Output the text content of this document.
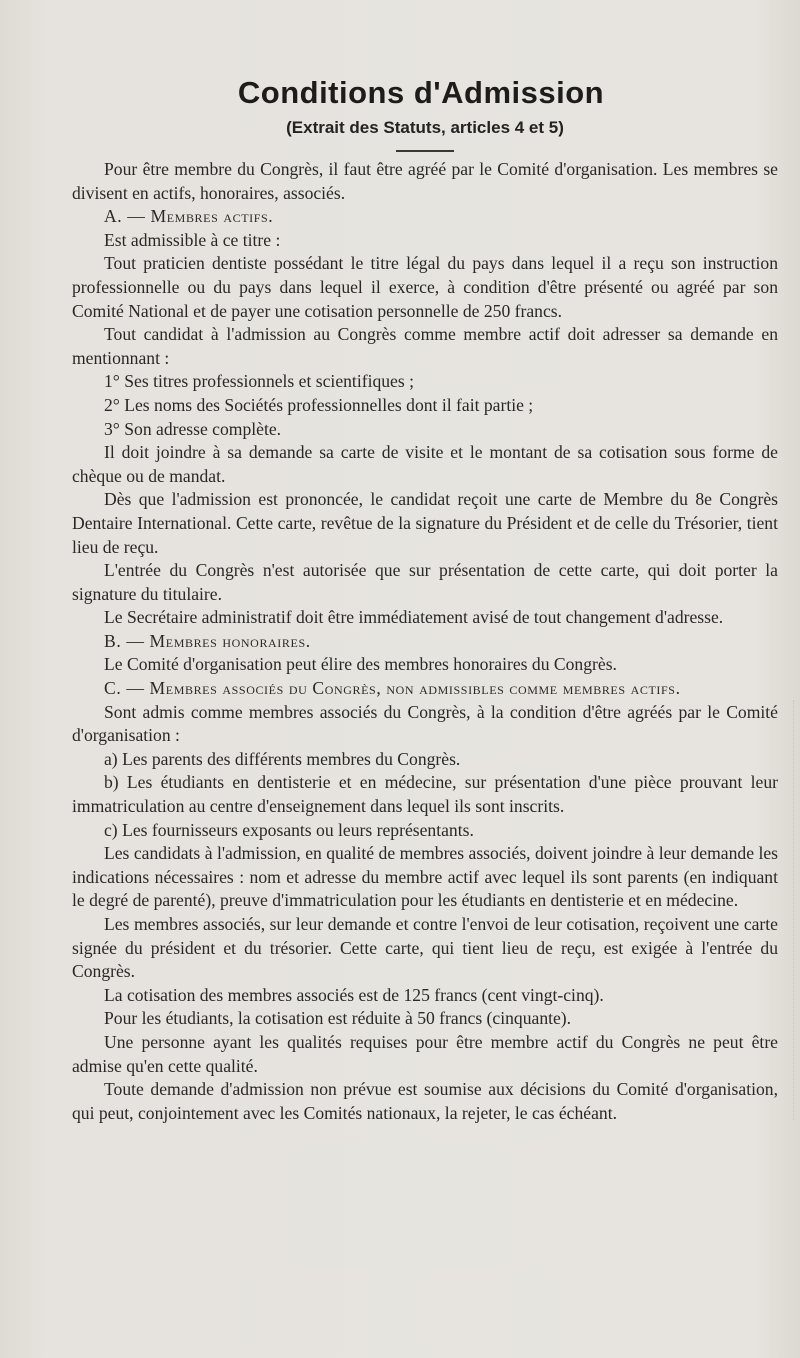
Conditions d'Admission
(Extrait des Statuts, articles 4 et 5)

Pour être membre du Congrès, il faut être agréé par le Comité d'organisation. Les membres se divisent en actifs, honoraires, associés.

A. — Membres actifs.

Est admissible à ce titre :

Tout praticien dentiste possédant le titre légal du pays dans lequel il a reçu son instruction professionnelle ou du pays dans lequel il exerce, à condition d'être présenté ou agréé par son Comité National et de payer une cotisation personnelle de 250 francs.

Tout candidat à l'admission au Congrès comme membre actif doit adresser sa demande en mentionnant :

1° Ses titres professionnels et scientifiques ;

2° Les noms des Sociétés professionnelles dont il fait partie ;

3° Son adresse complète.

Il doit joindre à sa demande sa carte de visite et le montant de sa cotisation sous forme de chèque ou de mandat.

Dès que l'admission est prononcée, le candidat reçoit une carte de Membre du 8e Congrès Dentaire International. Cette carte, revêtue de la signature du Président et de celle du Trésorier, tient lieu de reçu.

L'entrée du Congrès n'est autorisée que sur présentation de cette carte, qui doit porter la signature du titulaire.

Le Secrétaire administratif doit être immédiatement avisé de tout changement d'adresse.

B. — Membres honoraires.

Le Comité d'organisation peut élire des membres honoraires du Congrès.

C. — Membres associés du Congrès, non admissibles comme membres actifs.

Sont admis comme membres associés du Congrès, à la condition d'être agréés par le Comité d'organisation :

a) Les parents des différents membres du Congrès.

b) Les étudiants en dentisterie et en médecine, sur présentation d'une pièce prouvant leur immatriculation au centre d'enseignement dans lequel ils sont inscrits.

c) Les fournisseurs exposants ou leurs représentants.

Les candidats à l'admission, en qualité de membres associés, doivent joindre à leur demande les indications nécessaires : nom et adresse du membre actif avec lequel ils sont parents (en indiquant le degré de parenté), preuve d'immatriculation pour les étudiants en dentisterie et en médecine.

Les membres associés, sur leur demande et contre l'envoi de leur cotisation, reçoivent une carte signée du président et du trésorier. Cette carte, qui tient lieu de reçu, est exigée à l'entrée du Congrès.

La cotisation des membres associés est de 125 francs (cent vingt-cinq).

Pour les étudiants, la cotisation est réduite à 50 francs (cinquante).

Une personne ayant les qualités requises pour être membre actif du Congrès ne peut être admise qu'en cette qualité.

Toute demande d'admission non prévue est soumise aux décisions du Comité d'organisation, qui peut, conjointement avec les Comités nationaux, la rejeter, le cas échéant.
